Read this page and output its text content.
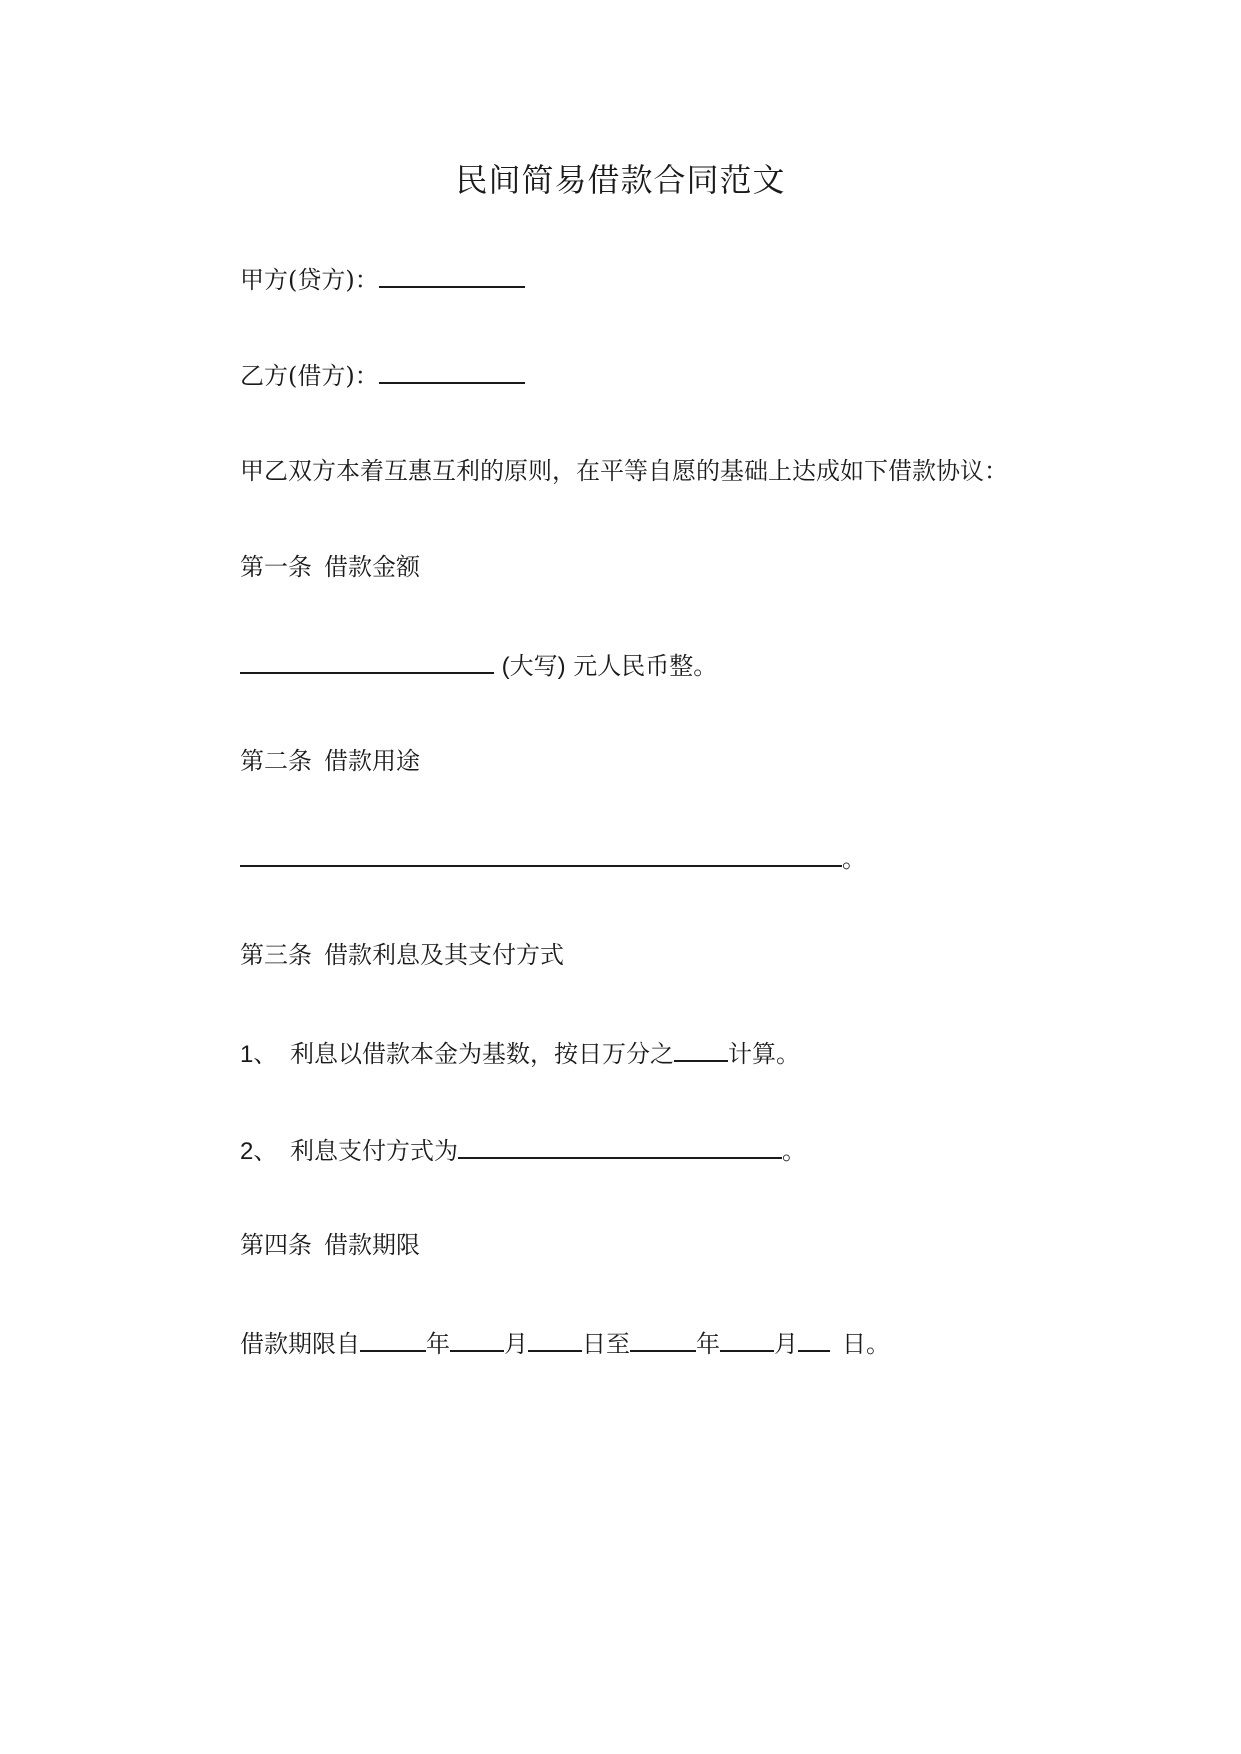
民间简易借款合同范文
甲方(贷方)：
乙方(借方)：
甲乙双方本着互惠互利的原则，在平等自愿的基础上达成如下借款协议：
第一条 借款金额
(大写) 元人民币整。
第二条 借款用途
。
第三条 借款利息及其支付方式
1、 利息以借款本金为基数，按日万分之 计算。
2、 利息支付方式为	。
第四条 借款期限
借款期限自	年 月 日至	年 月 日。
